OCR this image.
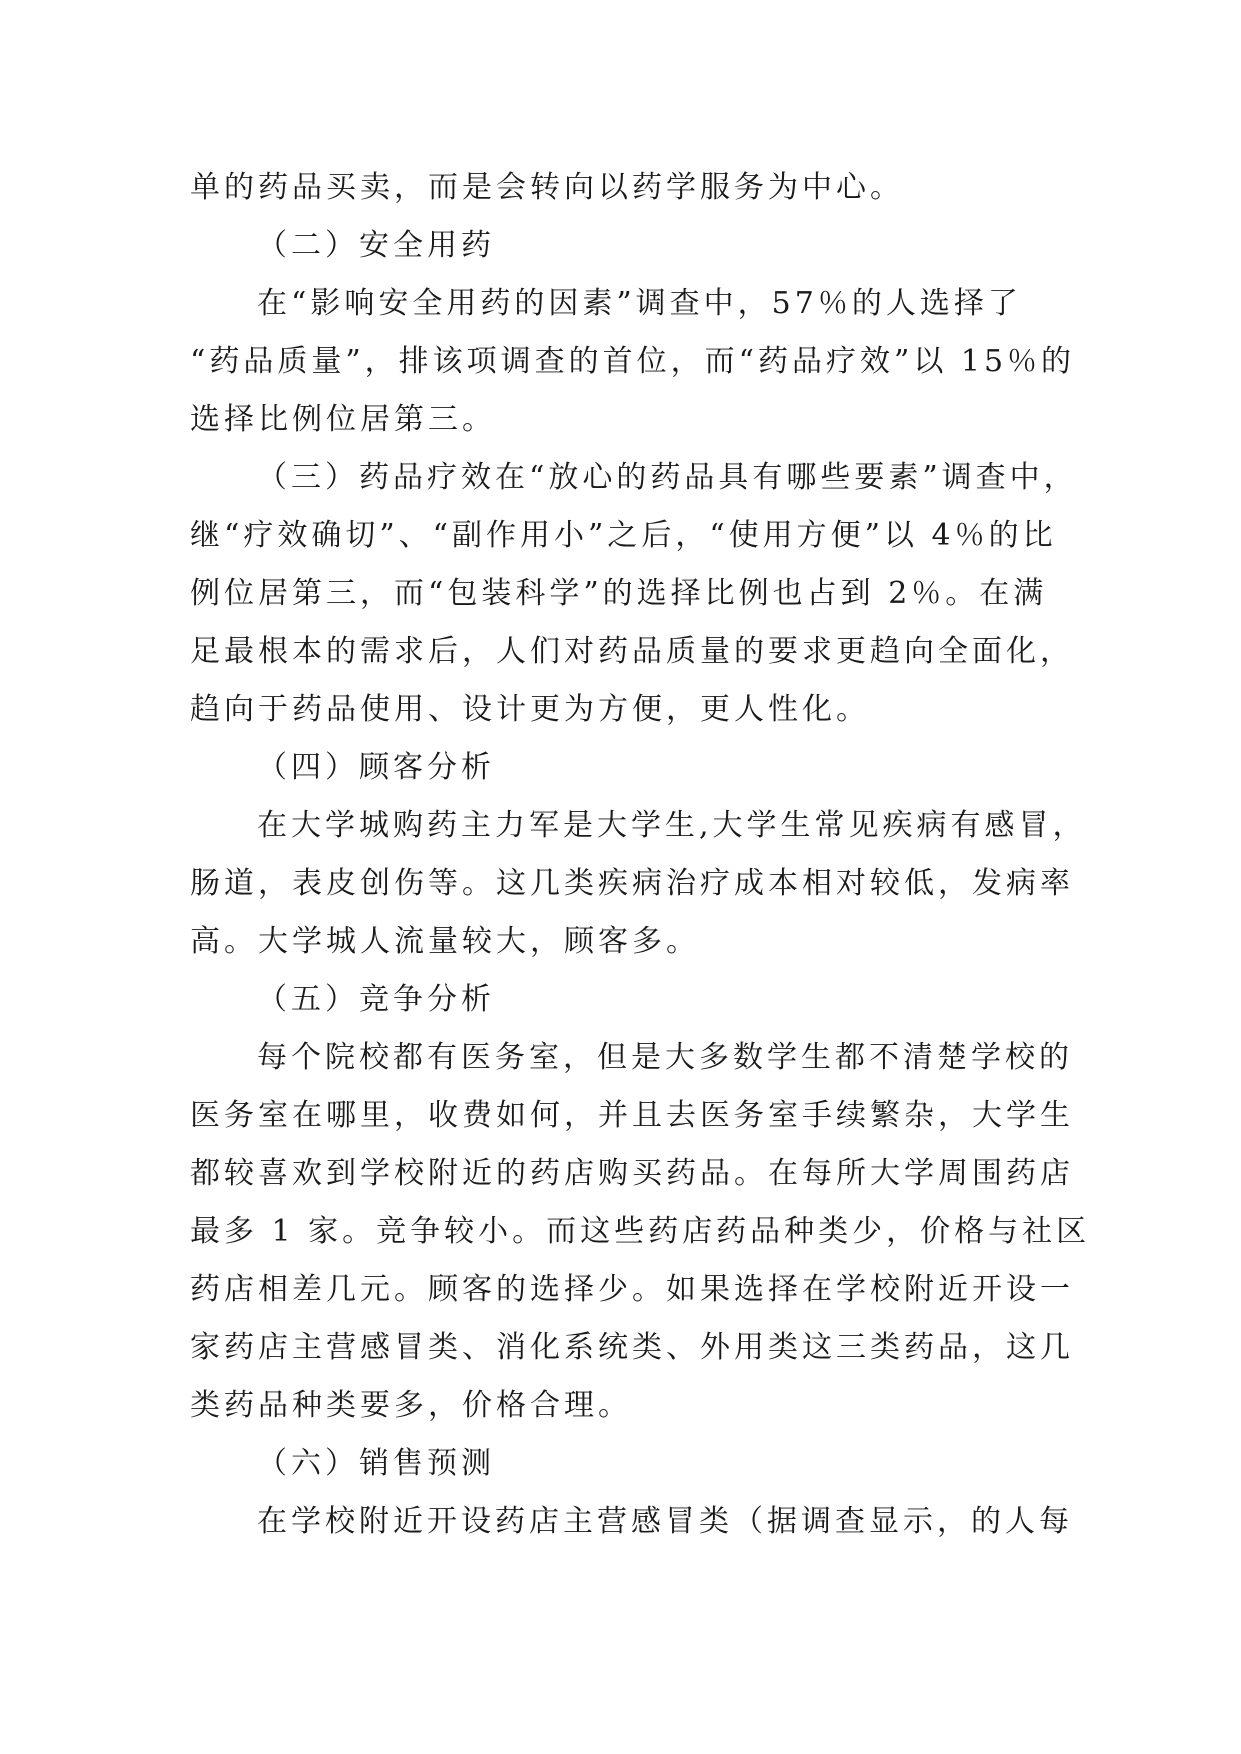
单的药品买卖，而是会转向以药学服务为中心。
（二）安全用药
在“影响安全用药的因素”调查中，57％的人选择了
“药品质量”，排该项调查的首位，而“药品疗效”以 15％的
选择比例位居第三。
（三）药品疗效在“放心的药品具有哪些要素”调查中，
继“疗效确切”、“副作用小”之后，“使用方便”以 4％的比
例位居第三，而“包装科学”的选择比例也占到 2％。在满
足最根本的需求后，人们对药品质量的要求更趋向全面化，
趋向于药品使用、设计更为方便，更人性化。
（四）顾客分析
在大学城购药主力军是大学生,大学生常见疾病有感冒，
肠道，表皮创伤等。这几类疾病治疗成本相对较低，发病率
高。大学城人流量较大，顾客多。
（五）竞争分析
每个院校都有医务室，但是大多数学生都不清楚学校的
医务室在哪里，收费如何，并且去医务室手续繁杂，大学生
都较喜欢到学校附近的药店购买药品。在每所大学周围药店
最多 1 家。竞争较小。而这些药店药品种类少，价格与社区
药店相差几元。顾客的选择少。如果选择在学校附近开设一
家药店主营感冒类、消化系统类、外用类这三类药品，这几
类药品种类要多，价格合理。
（六）销售预测
在学校附近开设药店主营感冒类（据调查显示，的人每
